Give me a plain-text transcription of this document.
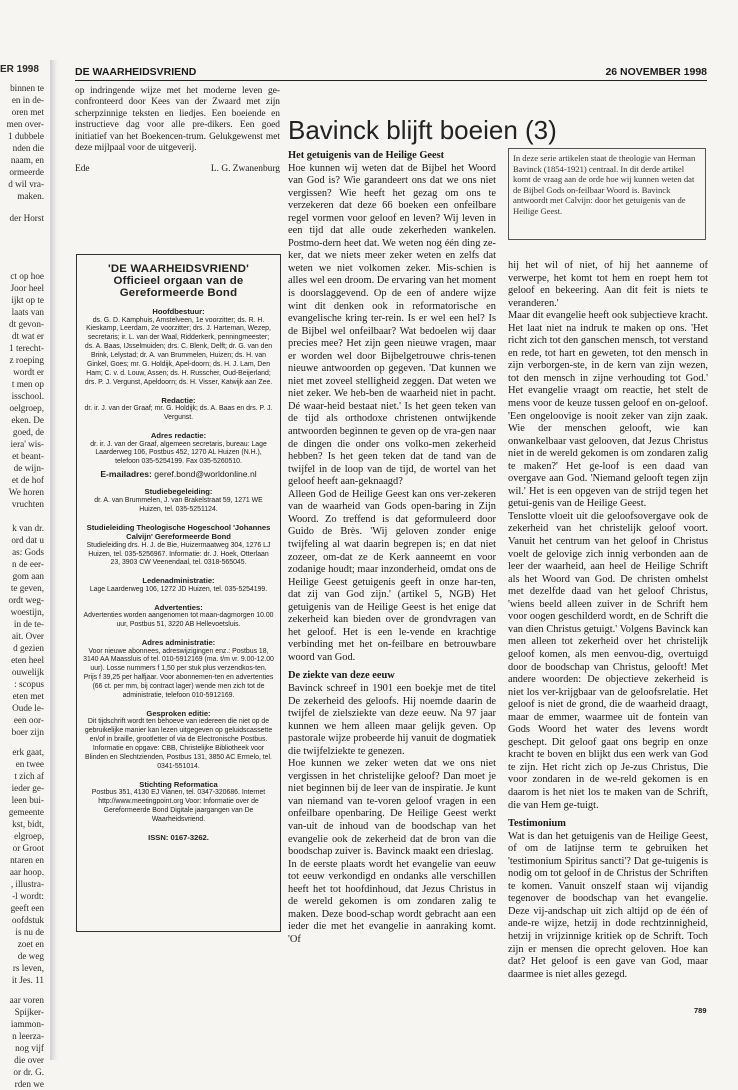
ER 1998
binnen te
en in de-
oren met
men over-
1 dubbele
nden die
naam, en
ormeerde
d wil vra-
maken.
der Horst
ct op hoe
Joor heel
ijkt op te
laats van
dt gevon-
dt wat er
1 terecht-
z roeping
wordt er
t men op
isschool.
oelgroep,
eken. De
goed, de
iera' wis-
et beant-
de wijn-
et de hof
We horen
vruchten
k van dr.
ord dat u
as: Gods
n de eer-
gom aan
te geven,
ordt weg-
woestijn,
in de te-
ait. Over
d gezien
eten heel
ouwelijk
: scopus
eten met
Oude le-
een oor-
boer zijn
erk gaat,
en twee
t zich af
ieder ge-
leen bui-
gemeente
kst, bidt,
elgroep,
or Groot
ntaren en
aar hoop.
, illustra-
-l wordt:
geeft een
oofdstuk
is nu de
zoet en
de weg
rs leven,
it Jes. 11
aar voren
Spijker-
iammon-
n leerza-
nog vijf
die over
or dr. G.
rden we
DE WAARHEIDSVRIEND	26 NOVEMBER 1998

op indringende wijze met het moderne leven ge-confronteerd door Kees van der Zwaard met zijn scherpzinnige teksten en liedjes. Een boeiende en instructieve dag voor alle pre-dikers. Een goed initiatief van het Boekencen-trum. Gelukgewenst met deze mijlpaal voor de uitgeverij.

Ede	L. G. Zwanenburg
'DE WAARHEIDSVRIEND'
Officieel orgaan van de Gereformeerde Bond
Hoofdbestuur:
ds. G. D. Kamphuis, Amstelveen, 1e voorzitter; ds. R. H. Kieskamp, Leerdam, 2e voorzitter; drs. J. Harteman, Wezep, secretaris; ir. L. van der Waal, Ridderkerk, penningmeester; ds. A. Baas, IJsselmuiden; drs. C. Blenk, Delft; dr. G. van den Brink, Lelystad; dr. A. van Brummelen, Huizen; ds. H. van Ginkel, Goes; mr. G. Holdijk, Apel-doorn; ds. H. J. Lam, Den Ham; C. v. d. Louw, Assen; ds. H. Russcher, Oud-Beijerland; drs. P. J. Vergunst, Apeldoorn; ds. H. Visser, Katwijk aan Zee.
Redactie:
dr. ir. J. van der Graaf; mr. G. Holdijk; ds. A. Baas en drs. P. J. Vergunst.
Adres redactie:
dr. ir. J. van der Graaf, algemeen secretaris, bureau: Lage Laarderweg 106, Postbus 452, 1270 AL Huizen (N.H.), telefoon 035-5254199. Fax 035-5260510.
E-mailadres: geref.bond@worldonline.nl
Studiebegeleiding:
dr. A. van Brummelen, J. van Brakelstraat 59, 1271 WE Huizen, tel. 035-5251124.
Studieleiding Theologische Hogeschool 'Johannes Calvijn' Gereformeerde Bond
Studieleiding drs. H. J. de Bie, Huizermaatweg 304, 1276 LJ Huizen, tel. 035-5256967. Informatie: dr. J. Hoek, Otterlaan 23, 3903 CW Veenendaal, tel. 0318-565045.
Ledenadministratie:
Lage Laarderweg 106, 1272 JD Huizen, tel. 035-5254199.
Advertenties:
Advertenties worden aangenomen tot maan-dagmorgen 10.00 uur, Postbus 51, 3220 AB Hellevoetsluis.
Adres administratie:
Voor nieuwe abonnees, adreswijzigingen enz.: Postbus 18, 3140 AA Maassluis of tel. 010-5912169 (ma. t/m vr. 9.00-12.00 uur). Losse nummers f 1,50 per stuk plus verzendkos-ten. Prijs f 39,25 per halfjaar. Voor abonnemen-ten en advertenties (66 ct. per mm, bij contract lager) wende men zich tot de administratie, telefoon 010-5912169.
Gesproken editie:
Dit tijdschrift wordt ten behoeve van iedereen die niet op de gebruikelijke manier kan lezen uitgegeven op geluidscassette en/of in braille, grootletter of via de Electronische Postbus. Informatie en opgave: CBB, Christelijke Bibliotheek voor Blinden en Slechtzienden, Postbus 131, 3850 AC Ermelo, tel. 0341-551014.
Stichting Reformatica
Postbus 351, 4130 EJ Vianen, tel. 0347-320686. Internet http://www.meetingpoint.org Voor: Informatie over de Gereformeerde Bond Digitale jaargangen van De Waarheidsvriend.
ISSN: 0167-3262.
Bavinck blijft boeien (3)

Het getuigenis van de Heilige Geest

Hoe kunnen wij weten dat de Bijbel het Woord van God is? Wie garandeert ons dat we ons niet vergissen? Wie heeft het gezag om ons te verzekeren dat deze 66 boeken een onfeilbare regel vormen voor geloof en leven? Wij leven in een tijd dat alle oude zekerheden wankelen. Postmo-dern heet dat. We weten nog één ding ze-ker, dat we niets meer zeker weten en zelfs dat weten we niet volkomen zeker. Mis-schien is alles wel een droom. De ervaring van het moment is doorslaggevend. Op de een of andere wijze wint dit denken ook in reformatorische en evangelische kring ter-rein. Is er wel een hel? Is de Bijbel wel onfeilbaar? Wat bedoelen wij daar precies mee? Het zijn geen nieuwe vragen, maar er worden wel door Bijbelgetrouwe chris-tenen nieuwe antwoorden op gegeven. 'Dat kunnen we niet met zoveel stelligheid zeggen. Dat weten we niet zeker. We heb-ben de waarheid niet in pacht. Dé waar-heid bestaat niet.' Is het geen teken van de tijd als orthodoxe christenen ontwijkende antwoorden beginnen te geven op de vra-gen naar de dingen die onder ons volko-men zekerheid hebben? Is het geen teken dat de tand van de twijfel in de loop van de tijd, de wortel van het geloof heeft aan-geknaagd?

Alleen God de Heilige Geest kan ons ver-zekeren van de waarheid van Gods open-baring in Zijn Woord. Zo treffend is dat geformuleerd door Guido de Brès. 'Wij geloven zonder enige twijfeling al wat daarin begrepen is; en dat niet zozeer, om-dat ze de Kerk aanneemt en voor zodanige houdt; maar inzonderheid, omdat ons de Heilige Geest getuigenis geeft in onze har-ten, dat zij van God zijn.' (artikel 5, NGB) Het getuigenis van de Heilige Geest is het enige dat zekerheid kan bieden over de grondvragen van het geloof. Het is een le-vende en krachtige verbinding met het on-feilbare en betrouwbare woord van God.

De ziekte van deze eeuw

Bavinck schreef in 1901 een boekje met de titel De zekerheid des geloofs. Hij noemde daarin de twijfel de zielsziekte van deze eeuw. Na 97 jaar kunnen we hem alleen maar gelijk geven. Op pastorale wijze probeerde hij vanuit de dogmatiek die twijfelziekte te genezen.

Hoe kunnen we zeker weten dat we ons niet vergissen in het christelijke geloof? Dan moet je niet beginnen bij de leer van de inspiratie. Je kunt van niemand van te-voren geloof vragen in een onfeilbare openbaring. De Heilige Geest werkt van-uit de inhoud van de boodschap van het evangelie ook de zekerheid dat de bron van die boodschap zuiver is. Bavinck maakt een drieslag.

In de eerste plaats wordt het evangelie van eeuw tot eeuw verkondigd en ondanks alle verschillen heeft het tot hoofdinhoud, dat Jezus Christus in de wereld gekomen is om zondaren zalig te maken. Deze bood-schap wordt gebracht aan een ieder die met het evangelie in aanraking komt. 'Of

In deze serie artikelen staat de theologie van Herman Bavinck (1854-1921) centraal. In dit derde artikel komt de vraag aan de orde hoe wij kunnen weten dat de Bijbel Gods on-feilbaar Woord is. Bavinck antwoordt met Calvijn: door het getuigenis van de Heilige Geest.

hij het wil of niet, of hij het aanneme of verwerpe, het komt tot hem en roept hem tot geloof en bekeering. Aan dit feit is niets te veranderen.'

Maar dit evangelie heeft ook subjectieve kracht. Het laat niet na indruk te maken op ons. 'Het richt zich tot den ganschen mensch, tot verstand en rede, tot hart en geweten, tot den mensch in zijn verborgen-ste, in de kern van zijn wezen, tot den mensch in zijne verhouding tot God.' Het evangelie vraagt om reactie, het stelt de mens voor de keuze tussen geloof en on-geloof. 'Een ongeloovige is nooit zeker van zijn zaak. Wie der menschen gelooft, wie kan onwankelbaar vast gelooven, dat Jezus Christus niet in de wereld gekomen is om zondaren zalig te maken?' Het ge-loof is een daad van overgave aan God. 'Niemand gelooft tegen zijn wil.' Het is een opgeven van de strijd tegen het getui-genis van de Heilige Geest.

Tenslotte vloeit uit die geloofsovergave ook de zekerheid van het christelijk geloof voort. Vanuit het centrum van het geloof in Christus voelt de gelovige zich innig verbonden aan de leer der waarheid, aan heel de Heilige Schrift als het Woord van God. De christen omhelst met dezelfde daad van het geloof Christus, 'wiens beeld alleen zuiver in de Schrift hem voor oogen geschilderd wordt, en de Schrift die van dien Christus getuigt.' Volgens Bavinck kan men alleen tot zekerheid over het christelijk geloof komen, als men eenvou-dig, overtuigd door de boodschap van Christus, gelooft! Met andere woorden: De objectieve zekerheid is niet los ver-krijgbaar van de geloofsrelatie. Het geloof is niet de grond, die de waarheid draagt, maar de emmer, waarmee uit de fontein van Gods Woord het water des levens wordt geschept. Dit geloof gaat ons begrip en onze kracht te boven en blijkt dus een werk van God te zijn. Het richt zich op Je-zus Christus, Die voor zondaren in de we-reld gekomen is en daarom is het niet los te maken van de Schrift, die van Hem ge-tuigt.

Testimonium

Wat is dan het getuigenis van de Heilige Geest, of om de latijnse term te gebruiken het 'testimonium Spiritus sancti'? Dat ge-tuigenis is nodig om tot geloof in de Christus der Schriften te komen. Vanuit onszelf staan wij vijandig tegenover de boodschap van het evangelie. Deze vij-andschap uit zich altijd op de één of ande-re wijze, hetzij in dode rechtzinnigheid, hetzij in vrijzinnige kritiek op de Schrift. Toch zijn er mensen die oprecht geloven. Hoe kan dat? Het geloof is een gave van God, maar daarmee is niet alles gezegd.

789
